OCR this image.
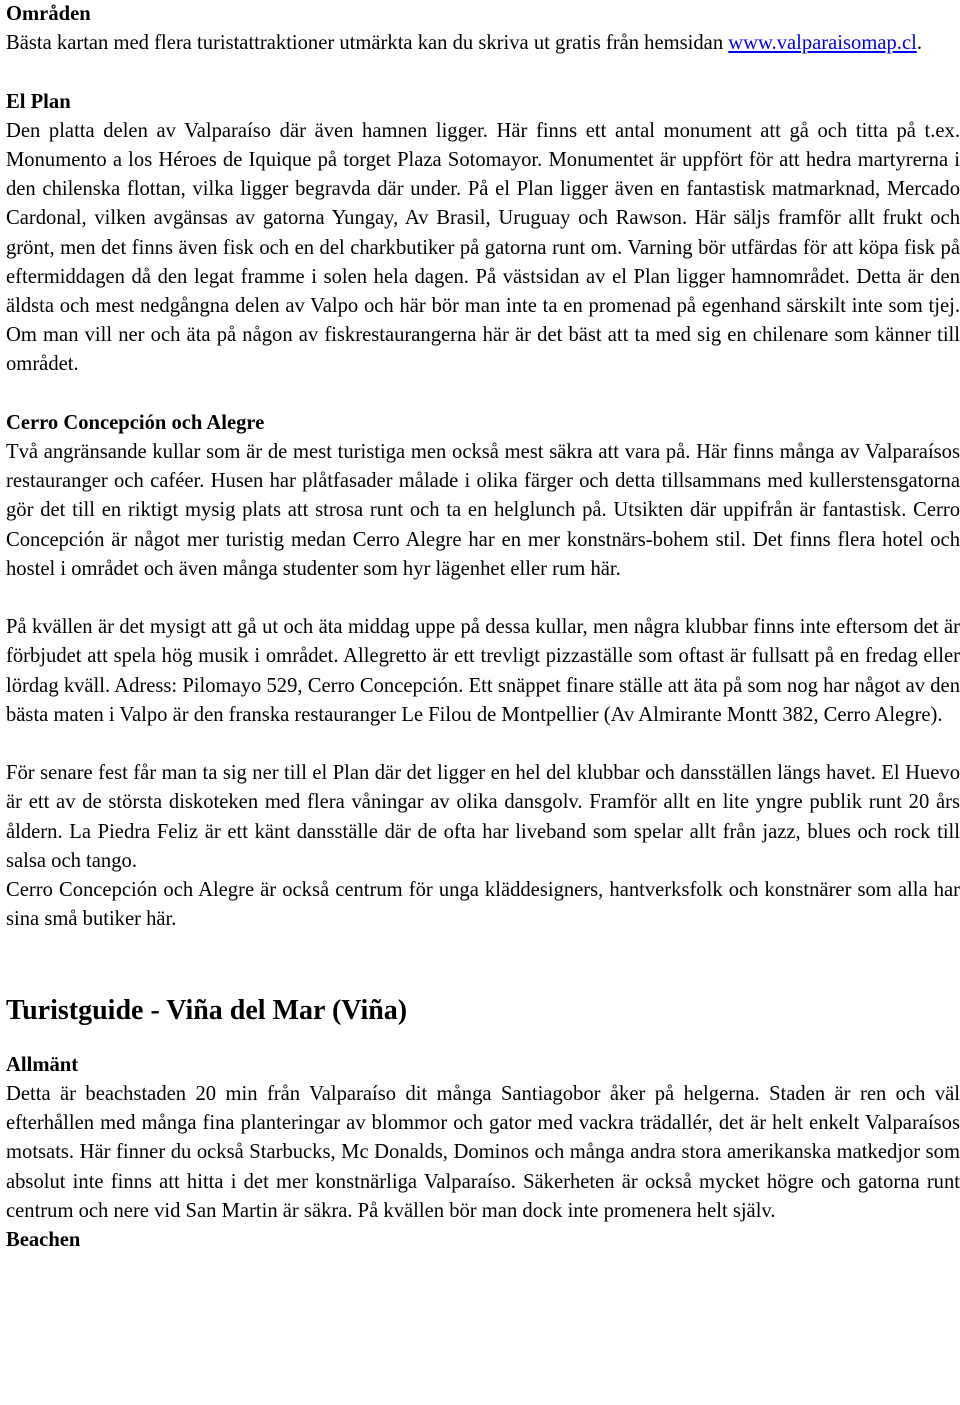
Områden

Bästa kartan med flera turistattraktioner utmärkta kan du skriva ut gratis från hemsidan www.valparaisomap.cl.

El Plan

Den platta delen av Valparaíso där även hamnen ligger. Här finns ett antal monument att gå och titta på t.ex. Monumento a los Héroes de Iquique på torget Plaza Sotomayor. Monumentet är uppfört för att hedra martyrerna i den chilenska flottan, vilka ligger begravda där under. På el Plan ligger även en fantastisk matmarknad, Mercado Cardonal, vilken avgänsas av gatorna Yungay, Av Brasil, Uruguay och Rawson. Här säljs framför allt frukt och grönt, men det finns även fisk och en del charkbutiker på gatorna runt om. Varning bör utfärdas för att köpa fisk på eftermiddagen då den legat framme i solen hela dagen. På västsidan av el Plan ligger hamnområdet. Detta är den äldsta och mest nedgångna delen av Valpo och här bör man inte ta en promenad på egenhand särskilt inte som tjej. Om man vill ner och äta på någon av fiskrestaurangerna här är det bäst att ta med sig en chilenare som känner till området.

Cerro Concepción och Alegre

Två angränsande kullar som är de mest turistiga men också mest säkra att vara på. Här finns många av Valparaísos restauranger och caféer. Husen har plåtfasader målade i olika färger och detta tillsammans med kullerstensgatorna gör det till en riktigt mysig plats att strosa runt och ta en helglunch på. Utsikten där uppifrån är fantastisk. Cerro Concepción är något mer turistig medan Cerro Alegre har en mer konstnärs-bohem stil. Det finns flera hotel och hostel i området och även många studenter som hyr lägenhet eller rum här.

På kvällen är det mysigt att gå ut och äta middag uppe på dessa kullar, men några klubbar finns inte eftersom det är förbjudet att spela hög musik i området. Allegretto är ett trevligt pizzaställe som oftast är fullsatt på en fredag eller lördag kväll. Adress: Pilomayo 529, Cerro Concepción. Ett snäppet finare ställe att äta på som nog har något av den bästa maten i Valpo är den franska restauranger Le Filou de Montpellier (Av Almirante Montt 382, Cerro Alegre).

För senare fest får man ta sig ner till el Plan där det ligger en hel del klubbar och dansställen längs havet. El Huevo är ett av de största diskoteken med flera våningar av olika dansgolv. Framför allt en lite yngre publik runt 20 års åldern. La Piedra Feliz är ett känt dansställe där de ofta har liveband som spelar allt från jazz, blues och rock till salsa och tango.

Cerro Concepción och Alegre är också centrum för unga kläddesigners, hantverksfolk och konstnärer som alla har sina små butiker här.

Turistguide - Viña del Mar (Viña)

Allmänt

Detta är beachstaden 20 min från Valparaíso dit många Santiagobor åker på helgerna. Staden är ren och väl efterhållen med många fina planteringar av blommor och gator med vackra trädallér, det är helt enkelt Valparaísos motsats. Här finner du också Starbucks, Mc Donalds, Dominos och många andra stora amerikanska matkedjor som absolut inte finns att hitta i det mer konstnärliga Valparaíso. Säkerheten är också mycket högre och gatorna runt centrum och nere vid San Martin är säkra. På kvällen bör man dock inte promenera helt själv.

Beachen
